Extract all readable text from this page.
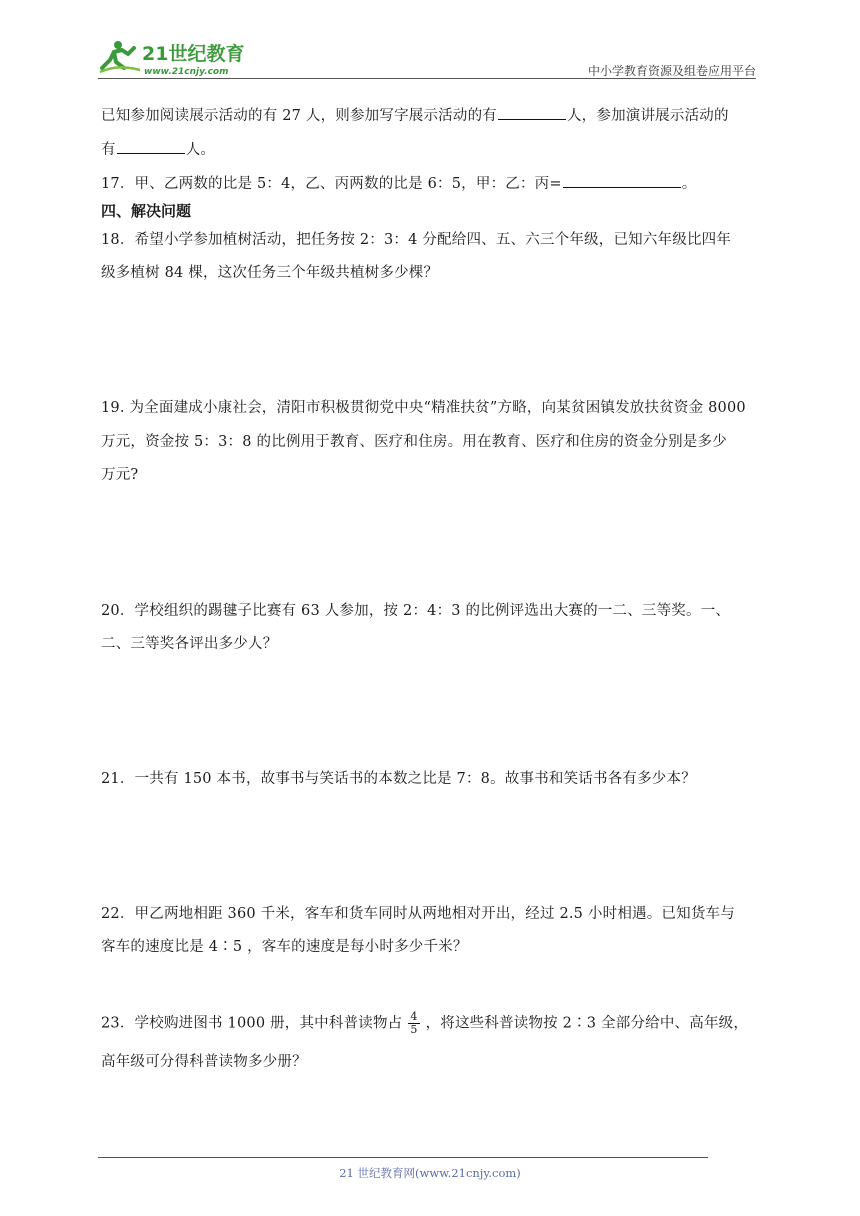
21世纪教育
www.21cnjy.com	中小学教育资源及组卷应用平台
已知参加阅读展示活动的有 27 人，则参加写字展示活动的有	人，参加演讲展示活动的
有	人。
17．甲、乙两数的比是 5：4，乙、丙两数的比是 6：5，甲：乙：丙=	。
四、解决问题
18．希望小学参加植树活动，把任务按 2：3：4 分配给四、五、六三个年级，已知六年级比四年
级多植树 84 棵，这次任务三个年级共植树多少棵？
19. 为全面建成小康社会，清阳市积极贯彻党中央“精准扶贫”方略，向某贫困镇发放扶贫资金 8000
万元，资金按 5：3：8 的比例用于教育、医疗和住房。用在教育、医疗和住房的资金分别是多少
万元?
20．学校组织的踢毽子比赛有 63 人参加，按 2：4：3 的比例评选出大赛的一二、三等奖。一、
二、三等奖各评出多少人？
21．一共有 150 本书，故事书与笑话书的本数之比是 7：8。故事书和笑话书各有多少本？
22．甲乙两地相距 360 千米，客车和货车同时从两地相对开出，经过 2.5 小时相遇。已知货车与
客车的速度比是 4∶5 ，客车的速度是每小时多少千米？
23．学校购进图书 1000 册，其中科普读物占 $\frac{4}{5}$ ，将这些科普读物按 2∶3 全部分给中、高年级，
高年级可分得科普读物多少册？
21 世纪教育网(www.21cnjy.com)
